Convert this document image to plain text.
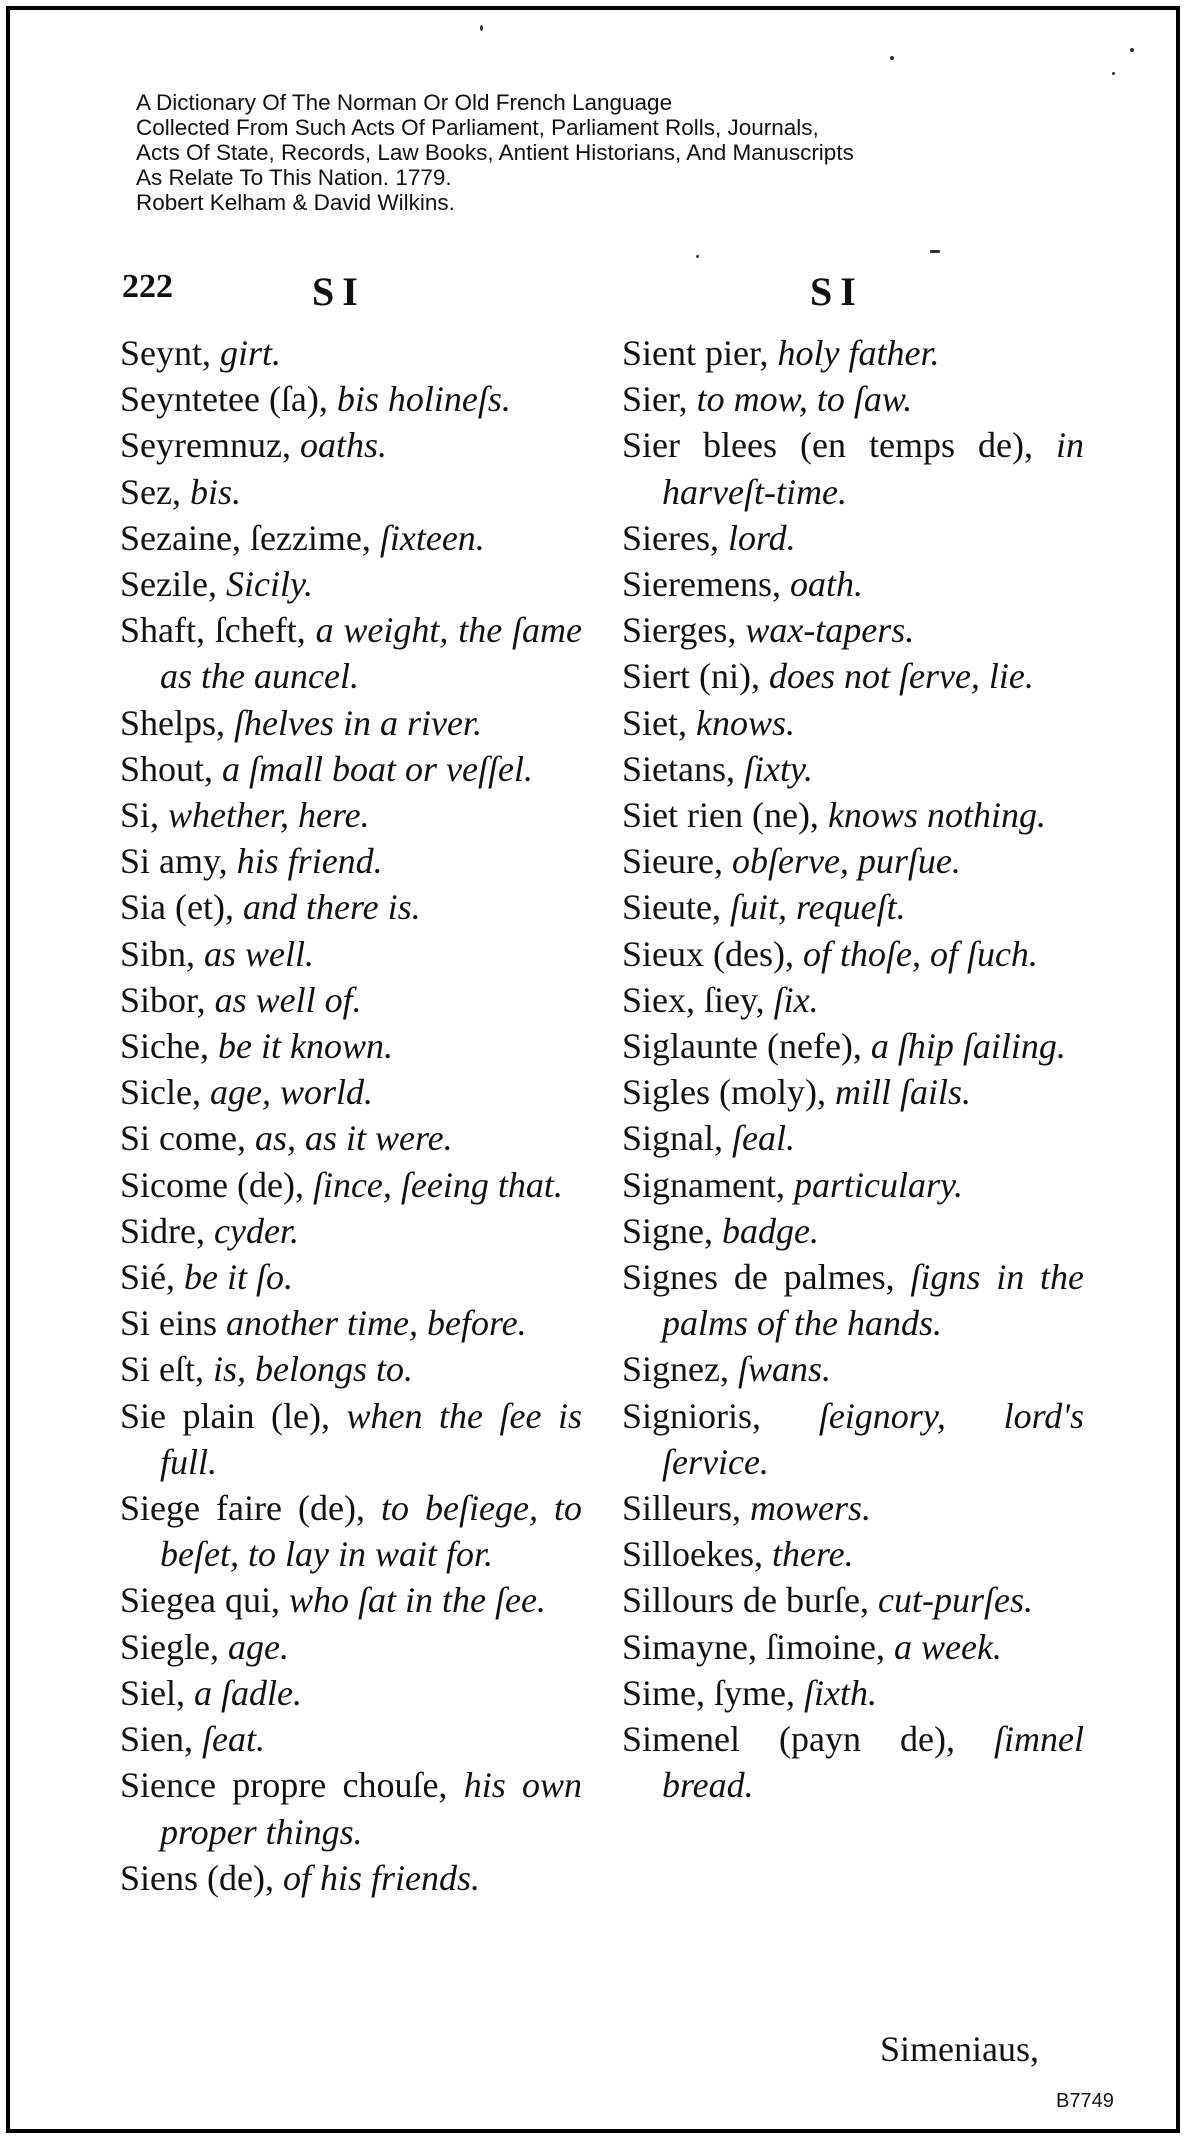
A Dictionary Of The Norman Or Old French Language
Collected From Such Acts Of Parliament, Parliament Rolls, Journals,
Acts Of State, Records, Law Books, Antient Historians, And Manuscripts
As Relate To This Nation. 1779.
Robert Kelham & David Wilkins.
222	SI	SI
Seynt, girt.
Seyntetee (ſa), bis holineſs.
Seyremnuz, oaths.
Sez, bis.
Sezaine, ſezzime, ſixteen.
Sezile, Sicily.
Shaft, ſcheft, a weight, the ſame as the auncel.
Shelps, ſhelves in a river.
Shout, a ſmall boat or veſſel.
Si, whether, here.
Si amy, his friend.
Sia (et), and there is.
Sibn, as well.
Sibor, as well of.
Siche, be it known.
Sicle, age, world.
Si come, as, as it were.
Sicome (de), ſince, ſeeing that.
Sidre, cyder.
Sié, be it ſo.
Si eins another time, before.
Si eſt, is, belongs to.
Sie plain (le), when the ſee is full.
Siege faire (de), to beſiege, to beſet, to lay in wait for.
Siegea qui, who ſat in the ſee.
Siegle, age.
Siel, a ſadle.
Sien, ſeat.
Sience propre chouſe, his own proper things.
Siens (de), of his friends.
Sient pier, holy father.
Sier, to mow, to ſaw.
Sier blees (en temps de), in harveſt-time.
Sieres, lord.
Sieremens, oath.
Sierges, wax-tapers.
Siert (ni), does not ſerve, lie.
Siet, knows.
Sietans, ſixty.
Siet rien (ne), knows nothing.
Sieure, obſerve, purſue.
Sieute, ſuit, requeſt.
Sieux (des), of thoſe, of ſuch.
Siex, ſiey, ſix.
Siglaunte (nefe), a ſhip ſailing.
Sigles (moly), mill ſails.
Signal, ſeal.
Signament, particulary.
Signe, badge.
Signes de palmes, ſigns in the palms of the hands.
Signez, ſwans.
Signioris, ſeignory, lord's ſervice.
Silleurs, mowers.
Silloekes, there.
Sillours de burſe, cut-purſes.
Simayne, ſimoine, a week.
Sime, ſyme, ſixth.
Simenel (payn de), ſimnel bread.
Simeniaus,
B7749
